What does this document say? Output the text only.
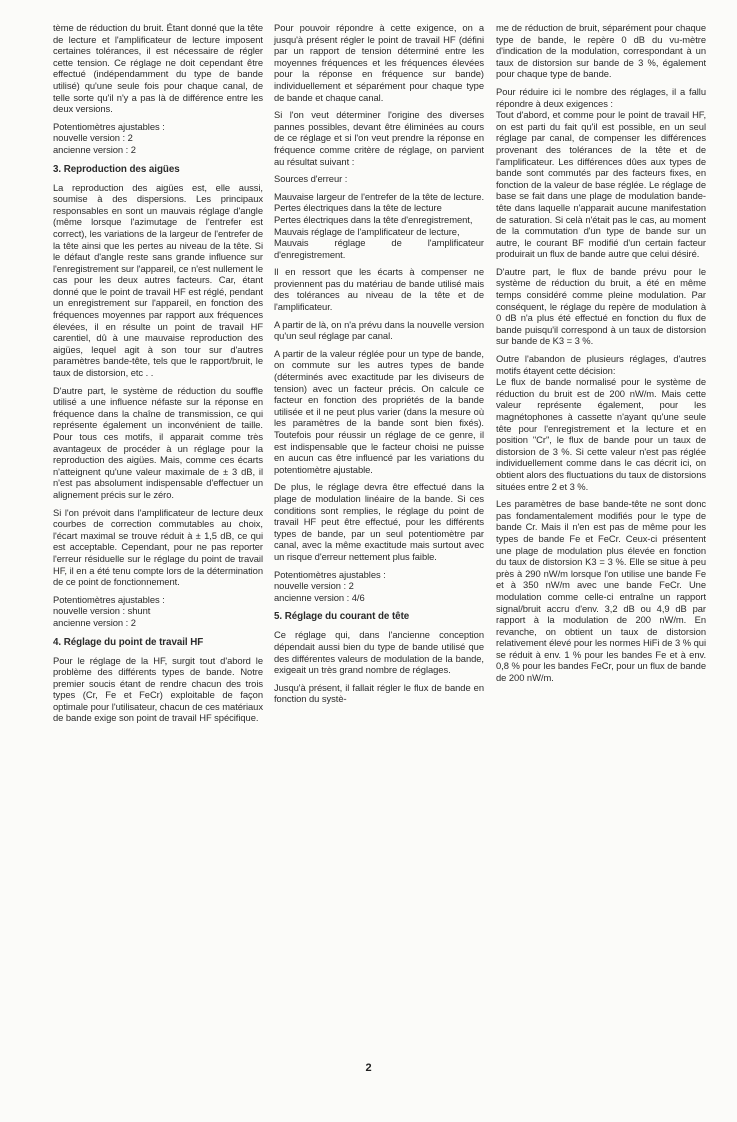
tème de réduction du bruit. Étant donné que la tête de lecture et l'amplificateur de lecture imposent certaines tolérances, il est nécessaire de régler cette tension. Ce réglage ne doit cependant être effectué (indépendamment du type de bande utilisé) qu'une seule fois pour chaque canal, de telle sorte qu'il n'y a pas là de différence entre les deux versions.

Potentiomètres ajustables :
nouvelle version : 2
ancienne version : 2
3. Reproduction des aigües

La reproduction des aigües est, elle aussi, soumise à des dispersions. Les principaux responsables en sont un mauvais réglage d'angle (même lorsque l'azimutage de l'entrefer est correct), les variations de la largeur de l'entrefer de la tête ainsi que les pertes au niveau de la tête. Si le défaut d'angle reste sans grande influence sur l'enregistrement sur l'appareil, ce n'est nullement le cas pour les deux autres facteurs. Car, étant donné que le point de travail HF est réglé, pendant un enregistrement sur l'appareil, en fonction des fréquences moyennes par rapport aux fréquences élevées, il en résulte un point de travail HF carentiel, dû à une mauvaise reproduction des aigües, lequel agit à son tour sur d'autres paramètres bande-tête, tels que le rapport/bruit, le taux de distorsion, etc . .

D'autre part, le système de réduction du souffle utilisé a une influence néfaste sur la réponse en fréquence dans la chaîne de transmission, ce qui représente également un inconvénient de taille. Pour tous ces motifs, il apparait comme très avantageux de procéder à un réglage pour la reproduction des aigües. Mais, comme ces écarts n'atteignent qu'une valeur maximale de ± 3 dB, il n'est pas absolument indispensable d'effectuer un alignement précis sur le zéro.

Si l'on prévoit dans l'amplificateur de lecture deux courbes de correction commutables au choix, l'écart maximal se trouve réduit à ± 1,5 dB, ce qui est acceptable. Cependant, pour ne pas reporter l'erreur résiduelle sur le réglage du point de travail HF, il en a été tenu compte lors de la détermination de ce point de fonctionnement.

Potentiomètres ajustables :
nouvelle version : shunt
ancienne version : 2
4. Réglage du point de travail HF

Pour le réglage de la HF, surgit tout d'abord le problème des différents types de bande. Notre premier soucis étant de rendre chacun des trois types (Cr, Fe et FeCr) exploitable de façon optimale pour l'utilisateur, chacun de ces matériaux de bande exige son point de travail HF spécifique.

Pour pouvoir répondre à cette exigence, on a jusqu'à présent régler le point de travail HF (défini par un rapport de tension déterminé entre les moyennes fréquences et les fréquences élevées pour la réponse en fréquence sur bande) individuellement et séparément pour chaque type de bande et chaque canal.

Si l'on veut déterminer l'origine des diverses pannes possibles, devant être éliminées au cours de ce réglage et si l'on veut prendre la réponse en fréquence comme critère de réglage, on parvient au résultat suivant :

Sources d'erreur :

Mauvaise largeur de l'entrefer de la tête de lecture. Pertes électriques dans la tête de lecture
Pertes électriques dans la tête d'enregistrement,
Mauvais réglage de l'amplificateur de lecture,
Mauvais réglage de l'amplificateur d'enregistrement.

Il en ressort que les écarts à compenser ne proviennent pas du matériau de bande utilisé mais des tolérances au niveau de la tête et de l'amplificateur.

A partir de là, on n'a prévu dans la nouvelle version qu'un seul réglage par canal.

A partir de la valeur réglée pour un type de bande, on commute sur les autres types de bande (déterminés avec exactitude par les diviseurs de tension) avec un facteur précis. On calcule ce facteur en fonction des propriétés de la bande utilisée et il ne peut plus varier (dans la mesure où les paramètres de la bande sont bien fixés). Toutefois pour réussir un réglage de ce genre, il est indispensable que le facteur choisi ne puisse en aucun cas être influencé par les variations du potentiomètre ajustable.

De plus, le réglage devra être effectué dans la plage de modulation linéaire de la bande. Si ces conditions sont remplies, le réglage du point de travail HF peut être effectué, pour les différents types de bande, par un seul potentiomètre par canal, avec la même exactitude mais surtout avec un risque d'erreur nettement plus faible.

Potentiomètres ajustables :
nouvelle version : 2
ancienne version : 4/6
5. Réglage du courant de tête

Ce réglage qui, dans l'ancienne conception dépendait aussi bien du type de bande utilisé que des différentes valeurs de modulation de la bande, exigeait un très grand nombre de réglages.

Jusqu'à présent, il fallait régler le flux de bande en fonction du systè-

me de réduction de bruit, séparément pour chaque type de bande, le repère 0 dB du vu-mètre d'indication de la modulation, correspondant à un taux de distorsion sur bande de 3 %, également pour chaque type de bande.

Pour réduire ici le nombre des réglages, il a fallu répondre à deux exigences :

Tout d'abord, et comme pour le point de travail HF, on est parti du fait qu'il est possible, en un seul réglage par canal, de compenser les différences provenant des tolérances de la tête et de l'amplificateur. Les différences dûes aux types de bande sont commutés par des facteurs fixes, en fonction de la valeur de base réglée. Le réglage de base se fait dans une plage de modulation bande-tête dans laquelle n'apparait aucune manifestation de saturation. Si celà n'était pas le cas, au moment de la commutation d'un type de bande sur un autre, le courant BF modifié d'un certain facteur produirait un flux de bande autre que celui désiré.

D'autre part, le flux de bande prévu pour le système de réduction du bruit, a été en même temps considéré comme pleine modulation. Par conséquent, le réglage du repère de modulation à 0 dB n'a plus été effectué en fonction du flux de bande puisqu'il correspond à un taux de distorsion sur bande de K3 = 3 %.

Outre l'abandon de plusieurs réglages, d'autres motifs étayent cette décision:

Le flux de bande normalisé pour le système de réduction du bruit est de 200 nW/m. Mais cette valeur représente également, pour les magnétophones à cassette n'ayant qu'une seule tête pour l'enregistrement et la lecture et en position "Cr", le flux de bande pour un taux de distorsion de 3 %. Si cette valeur n'est pas réglée individuellement comme dans le cas décrit ici, on obtient alors des fluctuations du taux de distorsions situées entre 2 et 3 %.

Les paramètres de base bande-tête ne sont donc pas fondamentalement modifiés pour le type de bande Cr. Mais il n'en est pas de même pour les types de bande Fe et FeCr. Ceux-ci présentent une plage de modulation plus élevée en fonction du taux de distorsion K3 = 3 %. Elle se situe à peu près à 290 nW/m lorsque l'on utilise une bande Fe et à 350 nW/m avec une bande FeCr. Une modulation comme celle-ci entraîne un rapport signal/bruit accru d'env. 3,2 dB ou 4,9 dB par rapport à la modulation de 200 nW/m. En revanche, on obtient un taux de distorsion relativement élevé pour les normes HiFi de 3 % qui se réduit à env. 1 % pour les bandes Fe et à env. 0,8 % pour les bandes FeCr, pour un flux de bande de 200 nW/m.

2
